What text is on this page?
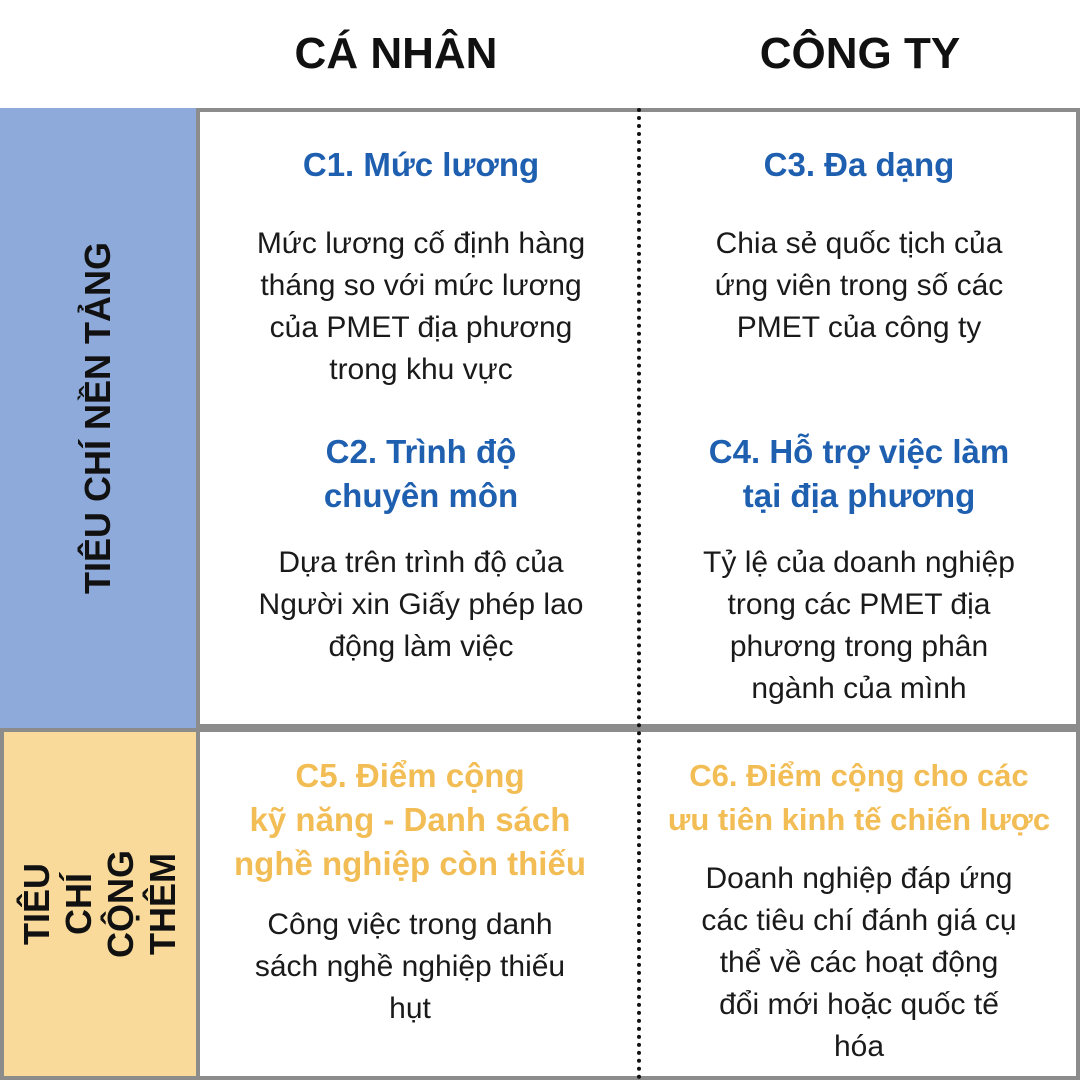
CÁ NHÂN	CÔNG TY
TIÊU CHÍ NỀN TẢNG
TIÊU CHÍ
CỘNG THÊM
C1. Mức lương
Mức lương cố định hàng
tháng so với mức lương
của PMET địa phương
trong khu vực
C2. Trình độ
chuyên môn
Dựa trên trình độ của
Người xin Giấy phép lao
động làm việc
C3. Đa dạng
Chia sẻ quốc tịch của
ứng viên trong số các
PMET của công ty
C4. Hỗ trợ việc làm
tại địa phương
Tỷ lệ của doanh nghiệp
trong các PMET địa
phương trong phân
ngành của mình
C5. Điểm cộng
kỹ năng - Danh sách
nghề nghiệp còn thiếu
Công việc trong danh
sách nghề nghiệp thiếu
hụt
C6. Điểm cộng cho các
ưu tiên kinh tế chiến lược
Doanh nghiệp đáp ứng
các tiêu chí đánh giá cụ
thể về các hoạt động
đổi mới hoặc quốc tế
hóa
